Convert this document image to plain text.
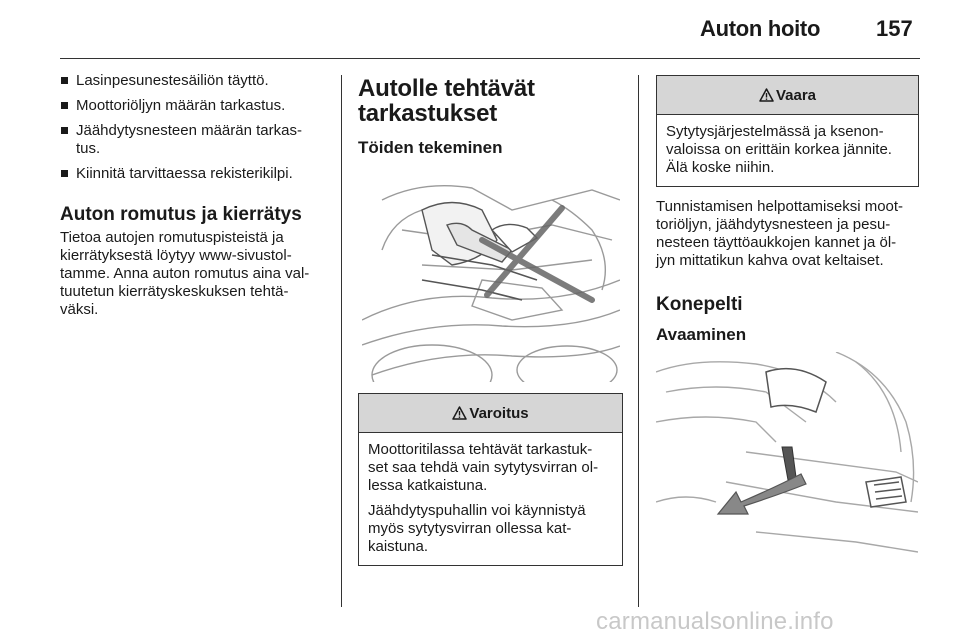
Auton hoito	157
Lasinpesunestesäiliön täyttö.
Moottoriöljyn määrän tarkastus.
Jäähdytysnesteen määrän tarkas-
tus.
Kiinnitä tarvittaessa rekisterikilpi.
Auton romutus ja kierrätys

Tietoa autojen romutuspisteistä ja
kierrätyksestä löytyy www-sivustol-
tamme. Anna auton romutus aina val-
tuutetun kierrätyskeskuksen tehtä-
väksi.

Autolle tehtävät
tarkastukset
Töiden tekeminen
Varoitus

Moottoritilassa tehtävät tarkastuk-
set saa tehdä vain sytytysvirran ol-
lessa katkaistuna.

Jäähdytyspuhallin voi käynnistyä
myös sytytysvirran ollessa kat-
kaistuna.

Vaara

Sytytysjärjestelmässä ja ksenon-
valoissa on erittäin korkea jännite.
Älä koske niihin.

Tunnistamisen helpottamiseksi moot-
toriöljyn, jäähdytysnesteen ja pesu-
nesteen täyttöaukkojen kannet ja öl-
jyn mittatikun kahva ovat keltaiset.

Konepelti
Avaaminen
carmanualsonline.info
